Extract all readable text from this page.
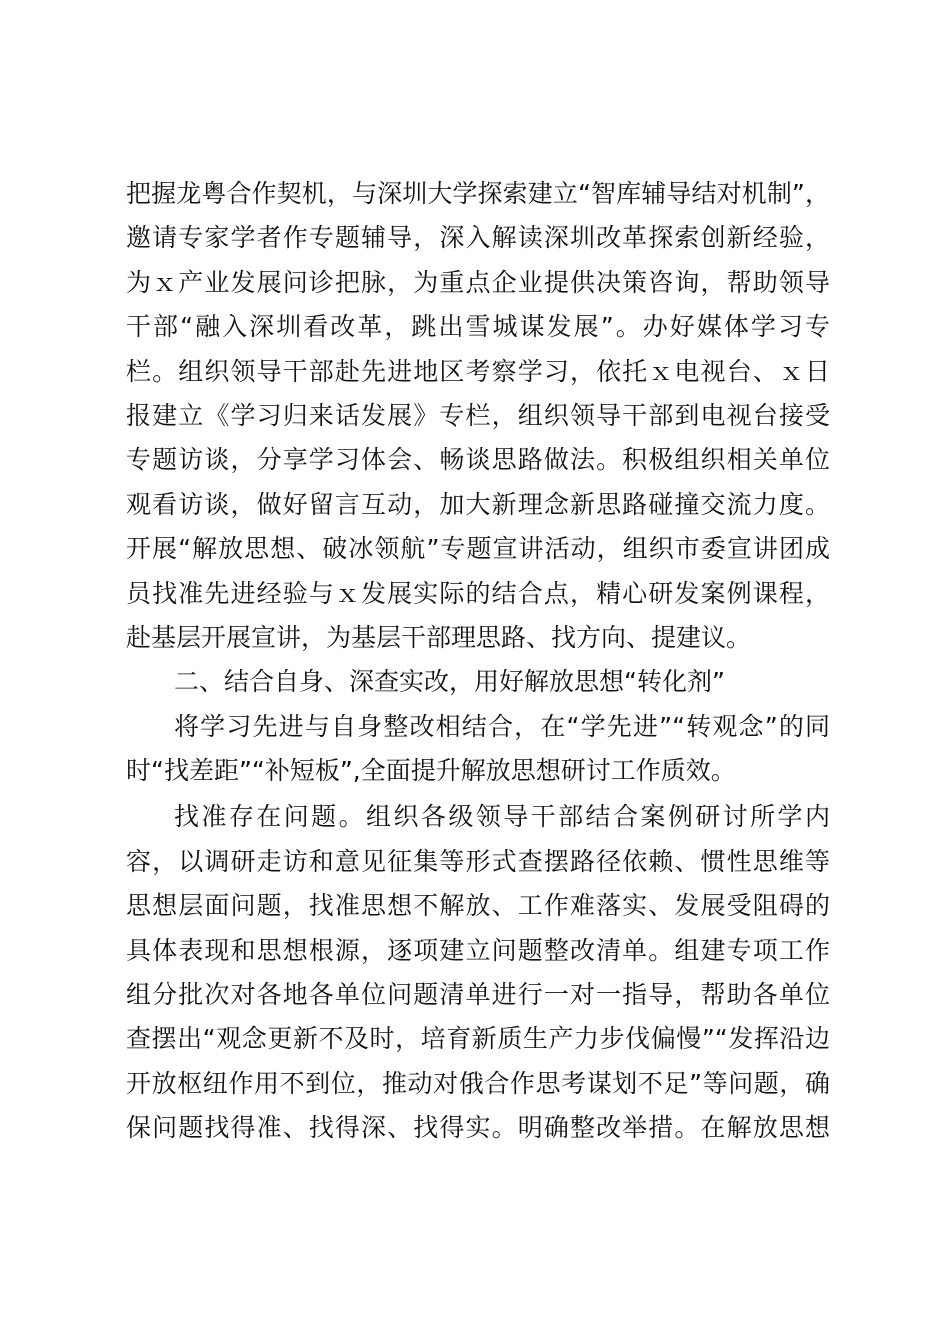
把握龙粤合作契机，与深圳大学探索建立“智库辅导结对机制”，
邀请专家学者作专题辅导，深入解读深圳改革探索创新经验，
为ｘ产业发展问诊把脉，为重点企业提供决策咨询，帮助领导
干部“融入深圳看改革，跳出雪城谋发展”。办好媒体学习专
栏。组织领导干部赴先进地区考察学习，依托ｘ电视台、ｘ日
报建立《学习归来话发展》专栏，组织领导干部到电视台接受
专题访谈，分享学习体会、畅谈思路做法。积极组织相关单位
观看访谈，做好留言互动，加大新理念新思路碰撞交流力度。
开展“解放思想、破冰领航”专题宣讲活动，组织市委宣讲团成
员找准先进经验与ｘ发展实际的结合点，精心研发案例课程，
赴基层开展宣讲，为基层干部理思路、找方向、提建议。
二、结合自身、深查实改，用好解放思想“转化剂”
将学习先进与自身整改相结合，在“学先进”“转观念”的同
时“找差距”“补短板”,全面提升解放思想研讨工作质效。
找准存在问题。组织各级领导干部结合案例研讨所学内
容，以调研走访和意见征集等形式查摆路径依赖、惯性思维等
思想层面问题，找准思想不解放、工作难落实、发展受阻碍的
具体表现和思想根源，逐项建立问题整改清单。组建专项工作
组分批次对各地各单位问题清单进行一对一指导，帮助各单位
查摆出“观念更新不及时，培育新质生产力步伐偏慢”“发挥沿边
开放枢纽作用不到位，推动对俄合作思考谋划不足”等问题，确
保问题找得准、找得深、找得实。明确整改举措。在解放思想
